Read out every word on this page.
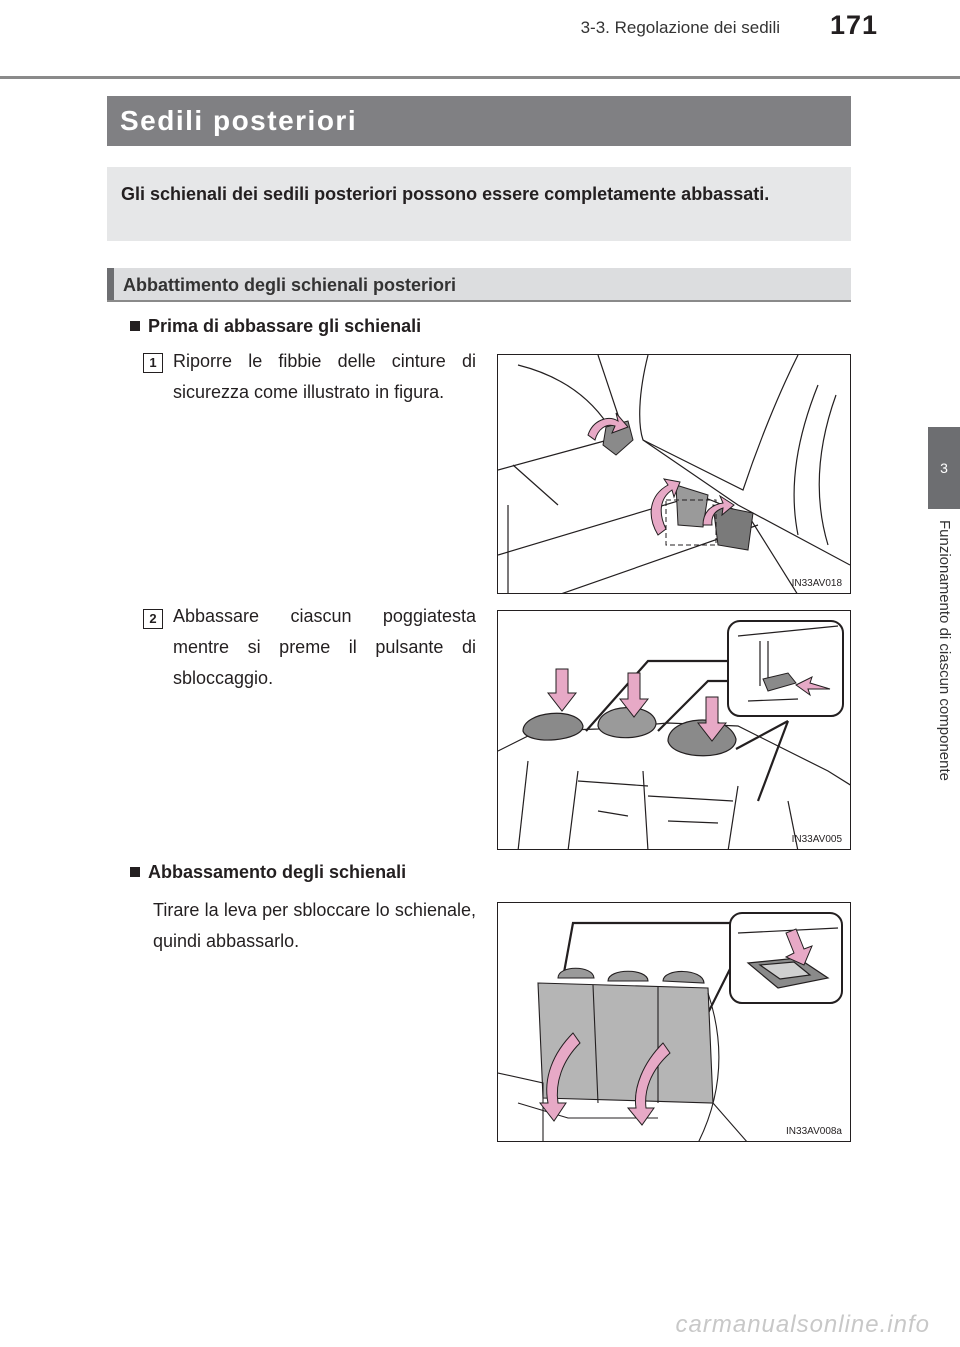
3-3. Regolazione dei sedili 171
3
Funzionamento di ciascun componente
Sedili posteriori

Gli schienali dei sedili posteriori possono essere completamente abbassati.

Abbattimento degli schienali posteriori
Prima di abbassare gli schienali
1 Riporre le fibbie delle cinture di sicurezza come illustrato in figura.
IN33AV018
2 Abbassare ciascun poggiatesta mentre si preme il pulsante di sbloccaggio.
IN33AV005
Abbassamento degli schienali
Tirare la leva per sbloccare lo schienale, quindi abbassarlo.
IN33AV008a
carmanualsonline.info
